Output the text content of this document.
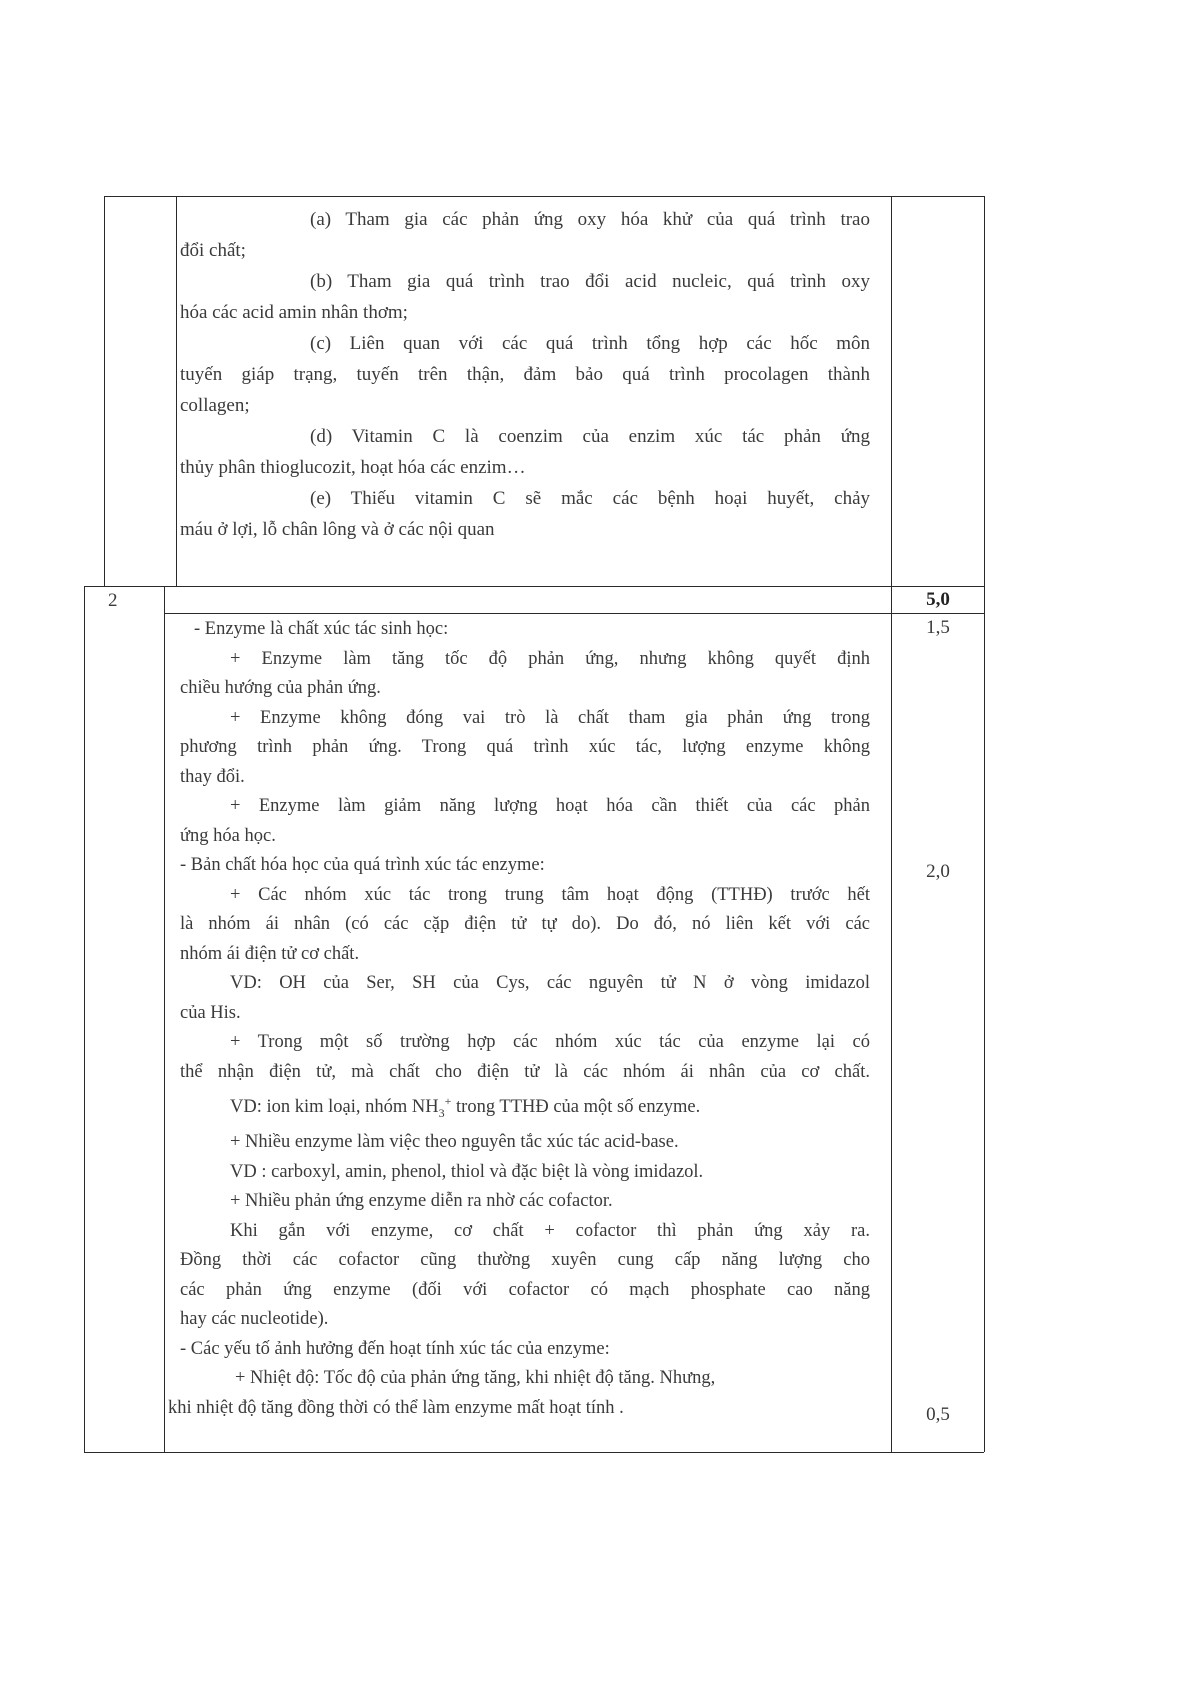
(a) Tham gia các phản ứng oxy hóa khử của quá trình trao

đổi chất;

(b) Tham gia quá trình trao đổi acid nucleic, quá trình oxy

hóa các acid amin nhân thơm;

(c) Liên quan với các quá trình tổng hợp các hốc môn

tuyến giáp trạng, tuyến trên thận, đảm bảo quá trình procolagen thành

collagen;

(d) Vitamin C là coenzim của enzim xúc tác phản ứng

thủy phân thioglucozit, hoạt hóa các enzim…

(e) Thiếu vitamin C sẽ mắc các bệnh hoại huyết, chảy

máu ở lợi, lỗ chân lông và ở các nội quan

2	5,0
1,5
2,0
0,5

- Enzyme là chất xúc tác sinh học:

+ Enzyme làm tăng tốc độ phản ứng, nhưng không quyết định

chiều hướng của phản ứng.

+ Enzyme không đóng vai trò là chất tham gia phản ứng trong

phương trình phản ứng. Trong quá trình xúc tác, lượng enzyme không

thay đổi.

+ Enzyme làm giảm năng lượng hoạt hóa cần thiết của các phản

ứng hóa học.

- Bản chất hóa học của quá trình xúc tác enzyme:

+ Các nhóm xúc tác trong trung tâm hoạt động (TTHĐ) trước hết

là nhóm ái nhân (có các cặp điện tử tự do). Do đó, nó liên kết với các

nhóm ái điện tử cơ chất.

VD: OH của Ser, SH của Cys, các nguyên tử N ở vòng imidazol

của His.

+ Trong một số trường hợp các nhóm xúc tác của enzyme lại có

thể nhận điện tử, mà chất cho điện tử là các nhóm ái nhân của cơ chất.

VD: ion kim loại, nhóm $NH_3^+$ trong TTHĐ của một số enzyme.

+ Nhiều enzyme làm việc theo nguyên tắc xúc tác acid-base.

VD : carboxyl, amin, phenol, thiol và đặc biệt là vòng imidazol.

+ Nhiều phản ứng enzyme diễn ra nhờ các cofactor.

Khi gắn với enzyme, cơ chất + cofactor thì phản ứng xảy ra.

Đồng thời các cofactor cũng thường xuyên cung cấp năng lượng cho

các phản ứng enzyme (đối với cofactor có mạch phosphate cao năng

hay các nucleotide).

- Các yếu tố ảnh hưởng đến hoạt tính xúc tác của enzyme:

+ Nhiệt độ: Tốc độ của phản ứng tăng, khi nhiệt độ tăng. Nhưng,

khi nhiệt độ tăng đồng thời có thể làm enzyme mất hoạt tính .
